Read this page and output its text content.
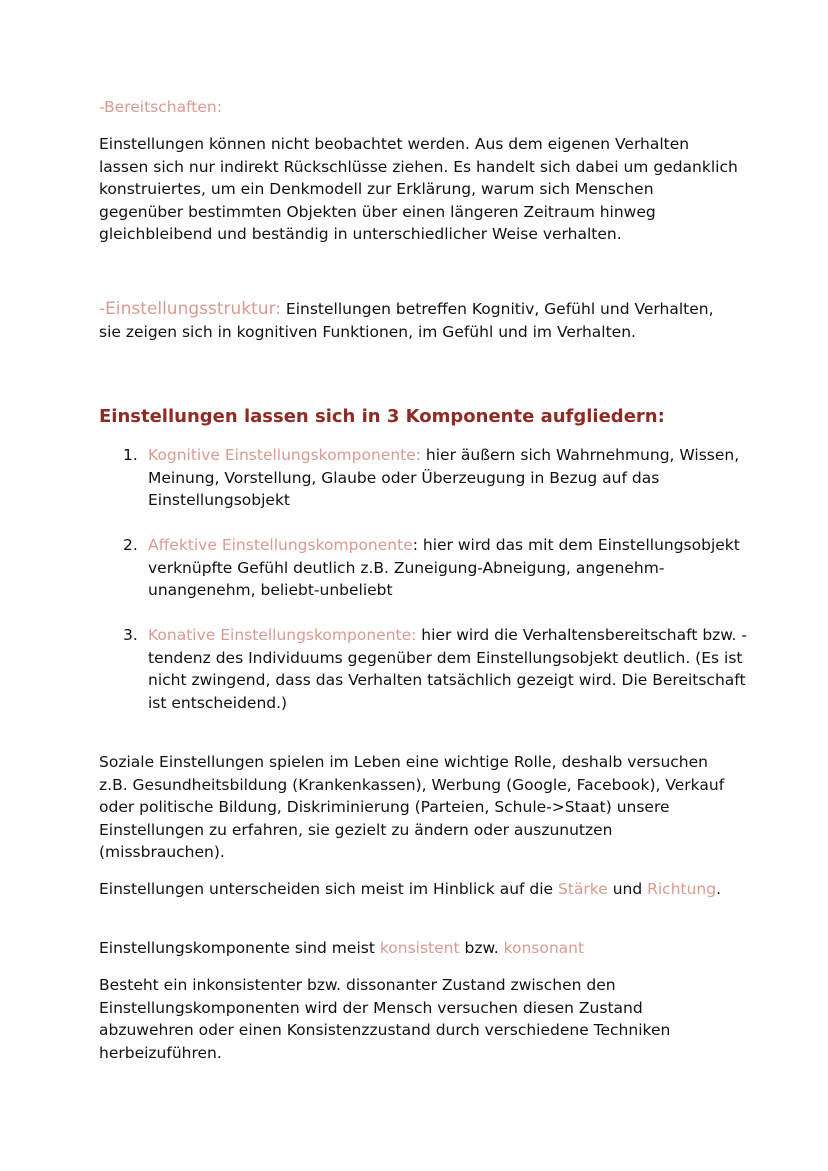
-Bereitschaften:

Einstellungen können nicht beobachtet werden. Aus dem eigenen Verhalten lassen sich nur indirekt Rückschlüsse ziehen. Es handelt sich dabei um gedanklich konstruiertes, um ein Denkmodell zur Erklärung, warum sich Menschen gegenüber bestimmten Objekten über einen längeren Zeitraum hinweg gleichbleibend und beständig in unterschiedlicher Weise verhalten.

-Einstellungsstruktur: Einstellungen betreffen Kognitiv, Gefühl und Verhalten, sie zeigen sich in kognitiven Funktionen, im Gefühl und im Verhalten.

Einstellungen lassen sich in 3 Komponente aufgliedern:

1. Kognitive Einstellungskomponente: hier äußern sich Wahrnehmung, Wissen, Meinung, Vorstellung, Glaube oder Überzeugung in Bezug auf das Einstellungsobjekt
2. Affektive Einstellungskomponente: hier wird das mit dem Einstellungsobjekt verknüpfte Gefühl deutlich z.B. Zuneigung-Abneigung, angenehm-unangenehm, beliebt-unbeliebt
3. Konative Einstellungskomponente: hier wird die Verhaltensbereitschaft bzw. -tendenz des Individuums gegenüber dem Einstellungsobjekt deutlich. (Es ist nicht zwingend, dass das Verhalten tatsächlich gezeigt wird. Die Bereitschaft ist entscheidend.)

Soziale Einstellungen spielen im Leben eine wichtige Rolle, deshalb versuchen z.B. Gesundheitsbildung (Krankenkassen), Werbung (Google, Facebook), Verkauf oder politische Bildung, Diskriminierung (Parteien, Schule->Staat) unsere Einstellungen zu erfahren, sie gezielt zu ändern oder auszunutzen (missbrauchen).

Einstellungen unterscheiden sich meist im Hinblick auf die Stärke und Richtung.

Einstellungskomponente sind meist konsistent bzw. konsonant

Besteht ein inkonsistenter bzw. dissonanter Zustand zwischen den Einstellungskomponenten wird der Mensch versuchen diesen Zustand abzuwehren oder einen Konsistenzzustand durch verschiedene Techniken herbeizuführen.
